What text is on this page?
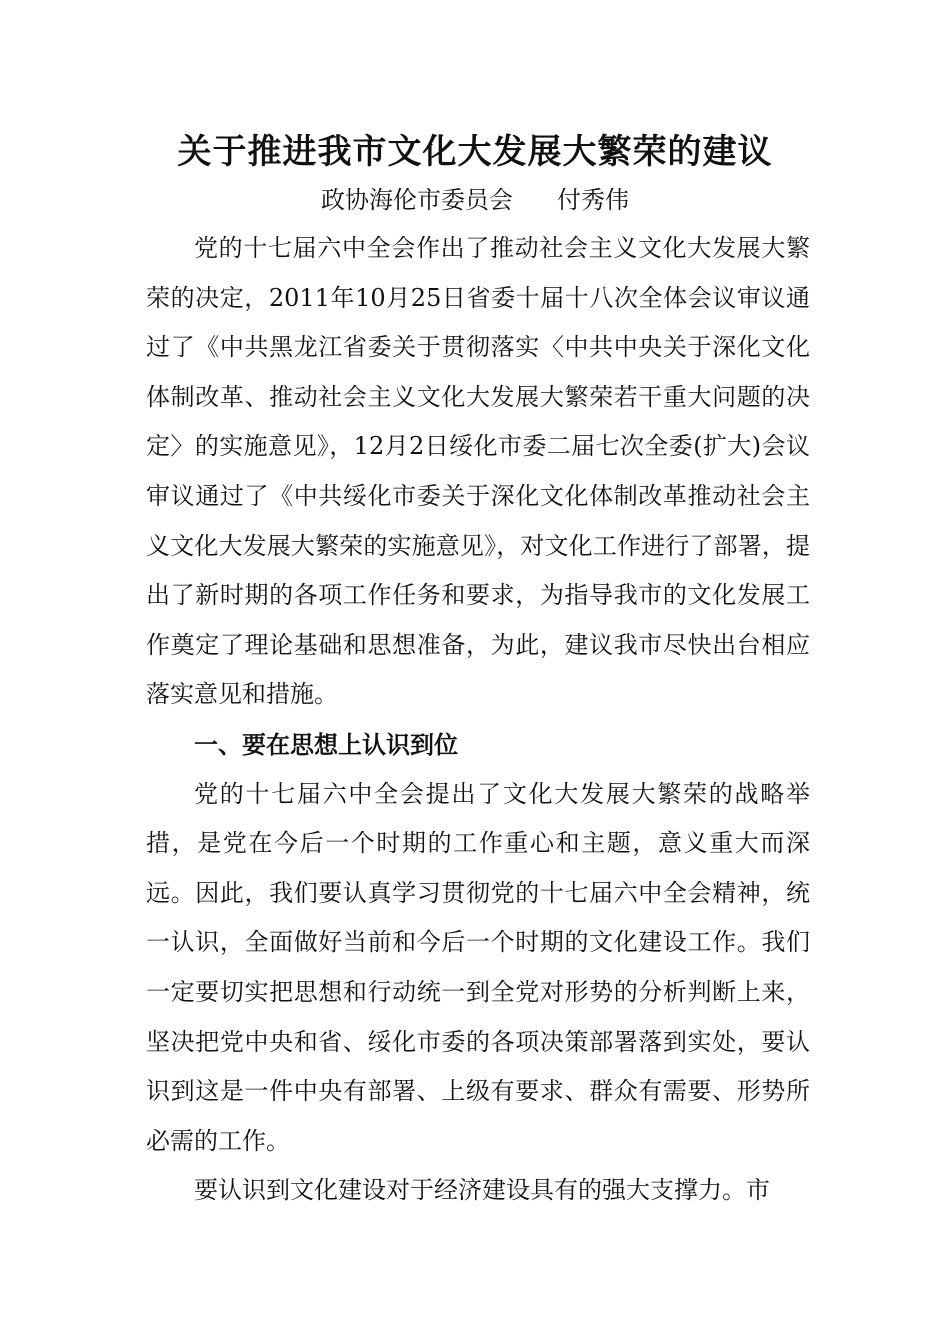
关于推进我市文化大发展大繁荣的建议
政协海伦市委员会 付秀伟

党的十七届六中全会作出了推动社会主义文化大发展大繁荣的决定，2011年10月25日省委十届十八次全体会议审议通过了《中共黑龙江省委关于贯彻落实〈中共中央关于深化文化体制改革、推动社会主义文化大发展大繁荣若干重大问题的决定〉的实施意见》，12月2日绥化市委二届七次全委(扩大)会议审议通过了《中共绥化市委关于深化文化体制改革推动社会主义文化大发展大繁荣的实施意见》，对文化工作进行了部署，提出了新时期的各项工作任务和要求，为指导我市的文化发展工作奠定了理论基础和思想准备，为此，建议我市尽快出台相应落实意见和措施。

一、要在思想上认识到位

党的十七届六中全会提出了文化大发展大繁荣的战略举措，是党在今后一个时期的工作重心和主题，意义重大而深远。因此，我们要认真学习贯彻党的十七届六中全会精神，统一认识，全面做好当前和今后一个时期的文化建设工作。我们一定要切实把思想和行动统一到全党对形势的分析判断上来，坚决把党中央和省、绥化市委的各项决策部署落到实处，要认识到这是一件中央有部署、上级有要求、群众有需要、形势所必需的工作。

要认识到文化建设对于经济建设具有的强大支撑力。市
